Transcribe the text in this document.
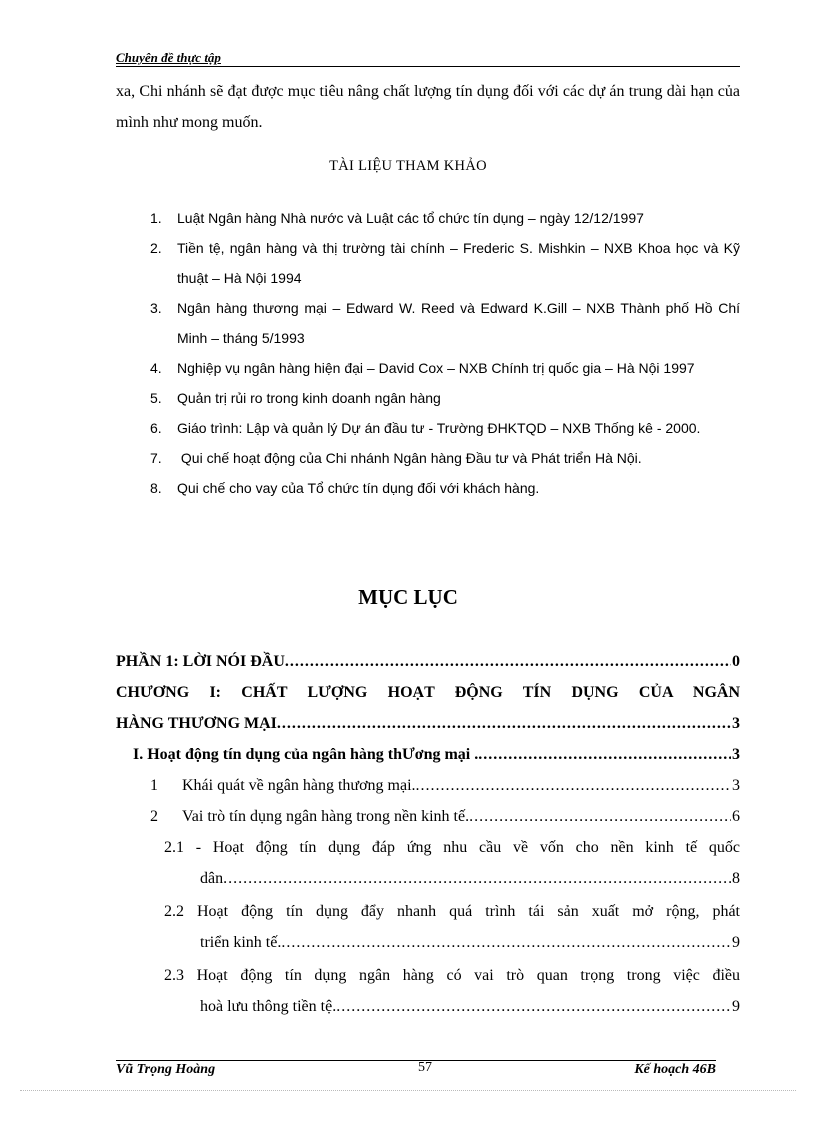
Chuyên đề thực tập
xa, Chi nhánh sẽ đạt được mục tiêu nâng chất lượng tín dụng đối với các dự án trung dài hạn của mình như mong muốn.
TÀI LIỆU THAM KHẢO
1.	Luật Ngân hàng Nhà nước và Luật các tổ chức tín dụng – ngày 12/12/1997
2.	Tiền tệ, ngân hàng và thị trường tài chính – Frederic S. Mishkin – NXB Khoa học và Kỹ thuật – Hà Nội 1994
3.	Ngân hàng thương mại – Edward W. Reed và Edward K.Gill – NXB Thành phố Hồ Chí Minh – tháng 5/1993
4.	Nghiệp vụ ngân hàng hiện đại – David Cox – NXB Chính trị quốc gia – Hà Nội 1997
5.	Quản trị rủi ro trong kinh doanh ngân hàng
6.	Giáo trình: Lập và quản lý Dự án đầu tư - Trường ĐHKTQD – NXB Thống kê - 2000.
7.	Qui chế hoạt động của Chi nhánh Ngân hàng Đầu tư và Phát triển Hà Nội.
8.	Qui chế cho vay của Tổ chức tín dụng đối với khách hàng.
MỤC LỤC
PHẦN 1: LỜI NÓI ĐẦU .....	0
CHƯƠNG I: CHẤT LƯỢNG HOẠT ĐỘNG TÍN DỤNG CỦA NGÂN
HÀNG THƯƠNG MẠI .....	3
I. Hoạt động tín dụng của ngân hàng thƯơng mại . .....	3
1 Khái quát về ngân hàng thương mại. .....	3
2 Vai trò tín dụng ngân hàng trong nền kinh tế. .....	6
2.1 - Hoạt động tín dụng đáp ứng nhu cầu về vốn cho nền kinh tế quốc
dân .....	8
2.2 Hoạt động tín dụng đẩy nhanh quá trình tái sản xuất mở rộng, phát
triển kinh tế. .....	9
2.3 Hoạt động tín dụng ngân hàng có vai trò quan trọng trong việc điều
hoà lưu thông tiền tệ. .....	9
Vũ Trọng Hoàng	57	Kế hoạch 46B
